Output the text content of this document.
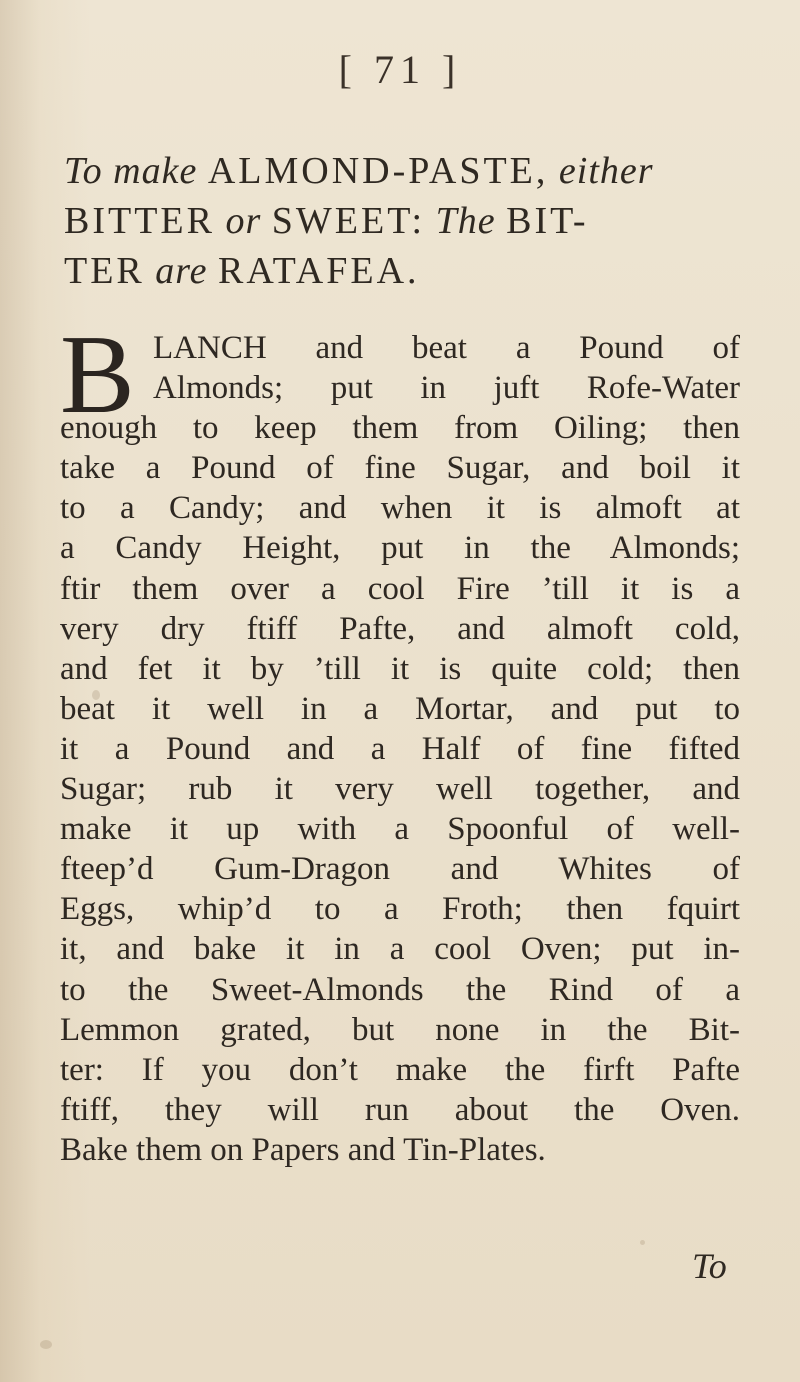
[ 71 ]
To make ALMOND-PASTE, either
BITTER or SWEET: The BIT-
TER are RATAFEA.
B LANCH and beat a Pound of
Almonds; put in juft Rofe-Water
enough to keep them from Oiling; then
take a Pound of fine Sugar, and boil it
to a Candy; and when it is almoft at
a Candy Height, put in the Almonds;
ftir them over a cool Fire ’till it is a
very dry ftiff Pafte, and almoft cold,
and fet it by ’till it is quite cold; then
beat it well in a Mortar, and put to
it a Pound and a Half of fine fifted
Sugar; rub it very well together, and
make it up with a Spoonful of well-
fteep’d Gum-Dragon and Whites of
Eggs, whip’d to a Froth; then fquirt
it, and bake it in a cool Oven; put in-
to the Sweet-Almonds the Rind of a
Lemmon grated, but none in the Bit-
ter: If you don’t make the firft Pafte
ftiff, they will run about the Oven.
Bake them on Papers and Tin-Plates.
To
